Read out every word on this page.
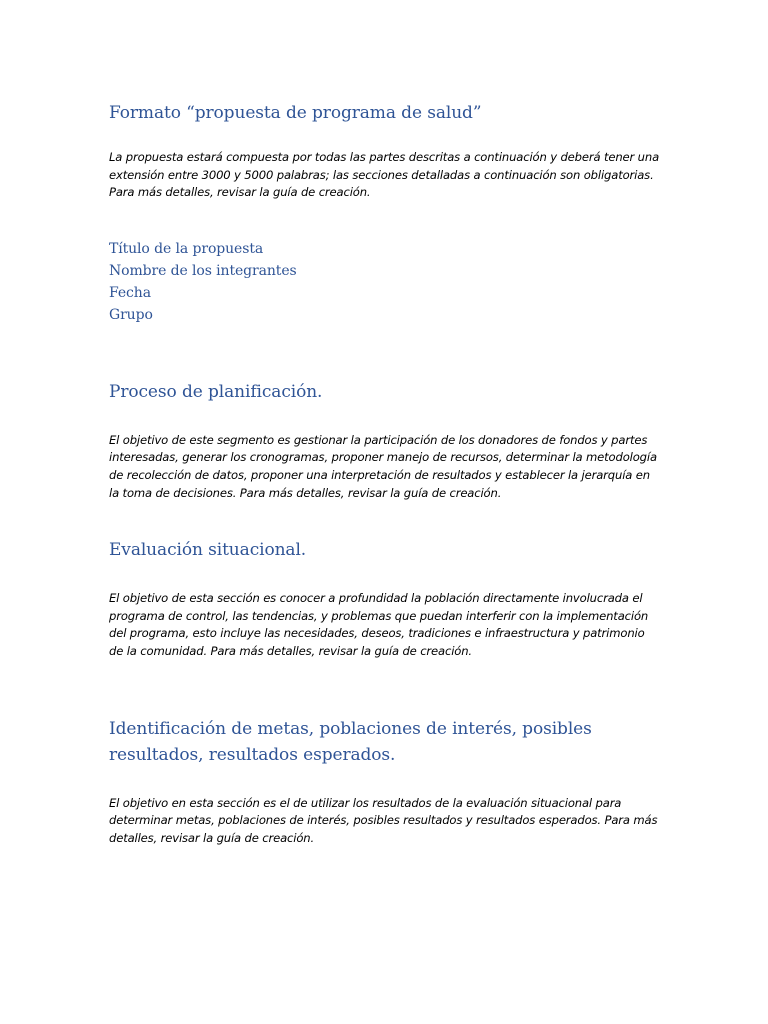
Formato “propuesta de programa de salud”

La propuesta estará compuesta por todas las partes descritas a continuación y deberá tener una extensión entre 3000 y 5000 palabras; las secciones detalladas a continuación son obligatorias. Para más detalles, revisar la guía de creación.

Título de la propuesta
Nombre de los integrantes
Fecha
Grupo
Proceso de planificación.

El objetivo de este segmento es gestionar la participación de los donadores de fondos y partes interesadas, generar los cronogramas, proponer manejo de recursos, determinar la metodología de recolección de datos, proponer una interpretación de resultados y establecer la jerarquía en la toma de decisiones. Para más detalles, revisar la guía de creación.

Evaluación situacional.

El objetivo de esta sección es conocer a profundidad la población directamente involucrada el programa de control, las tendencias, y problemas que puedan interferir con la implementación del programa, esto incluye las necesidades, deseos, tradiciones e infraestructura y patrimonio de la comunidad. Para más detalles, revisar la guía de creación.

Identificación de metas, poblaciones de interés, posibles resultados, resultados esperados.

El objetivo en esta sección es el de utilizar los resultados de la evaluación situacional para determinar metas, poblaciones de interés, posibles resultados y resultados esperados. Para más detalles, revisar la guía de creación.
